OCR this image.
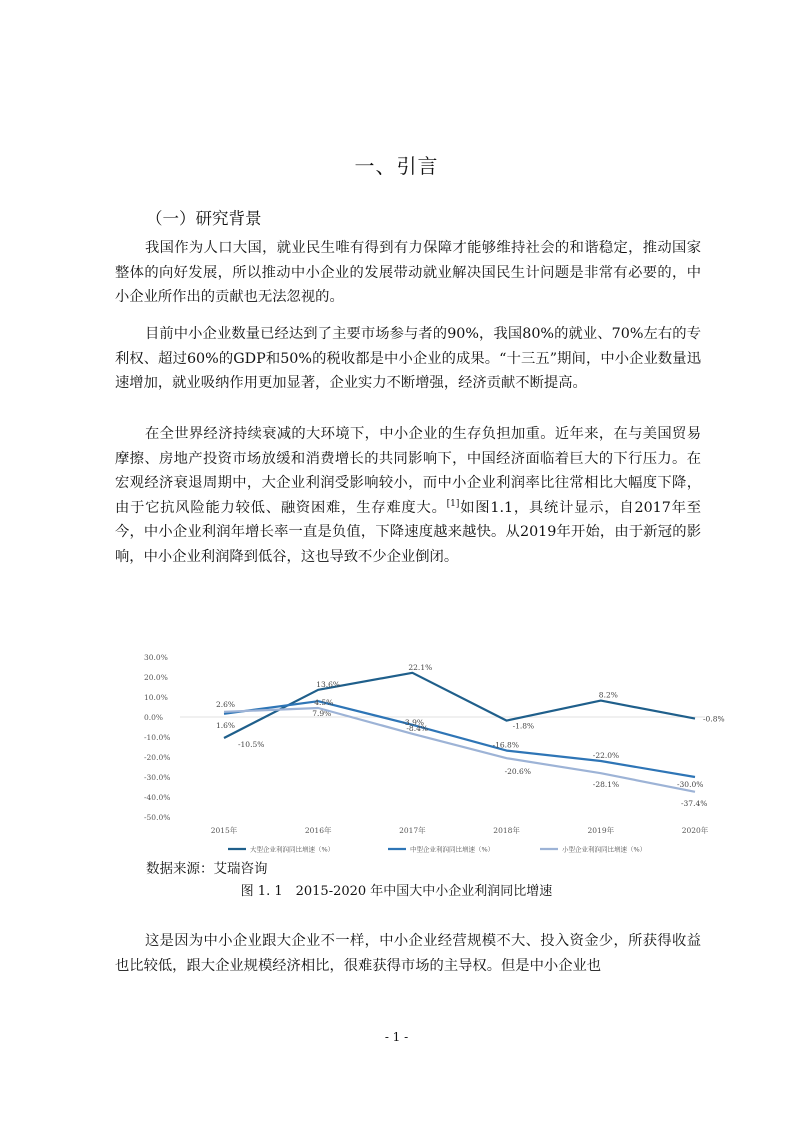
一、引言
（一）研究背景

我国作为人口大国，就业民生唯有得到有力保障才能够维持社会的和谐稳定，推动国家整体的向好发展，所以推动中小企业的发展带动就业解决国民生计问题是非常有必要的，中小企业所作出的贡献也无法忽视的。

目前中小企业数量已经达到了主要市场参与者的90%，我国80%的就业、70%左右的专利权、超过60%的GDP和50%的税收都是中小企业的成果。“十三五”期间，中小企业数量迅速增加，就业吸纳作用更加显著，企业实力不断增强，经济贡献不断提高。

在全世界经济持续衰减的大环境下，中小企业的生存负担加重。近年来，在与美国贸易摩擦、房地产投资市场放缓和消费增长的共同影响下，中国经济面临着巨大的下行压力。在宏观经济衰退周期中，大企业利润受影响较小，而中小企业利润率比往常相比大幅度下降，由于它抗风险能力较低、融资困难，生存难度大。[1]如图1.1，具统计显示，自2017年至今，中小企业利润年增长率一直是负值，下降速度越来越快。从2019年开始，由于新冠的影响，中小企业利润降到低谷，这也导致不少企业倒闭。

30.0%
20.0%
10.0%
0.0%
-10.0%
-20.0%
-30.0%
-40.0%
-50.0%
2015年	2016年	2017年	2018年	2019年	2020年
-10.5%
13.6%
22.1%
-1.8%
8.2%
-0.8%
1.6%
7.9%
-3.9%
-16.8%
-22.0%
-30.0%
2.6%	4.5%
-8.4%
-20.6%
-28.1%
-37.4%
大型企业利润同比增速（%）	中型企业利润同比增速（%）	小型企业利润同比增速（%）
数据来源：艾瑞咨询
图 1. 1　2015-2020 年中国大中小企业利润同比增速

这是因为中小企业跟大企业不一样，中小企业经营规模不大、投入资金少，所获得收益也比较低，跟大企业规模经济相比，很难获得市场的主导权。但是中小企业也

- 1 -
